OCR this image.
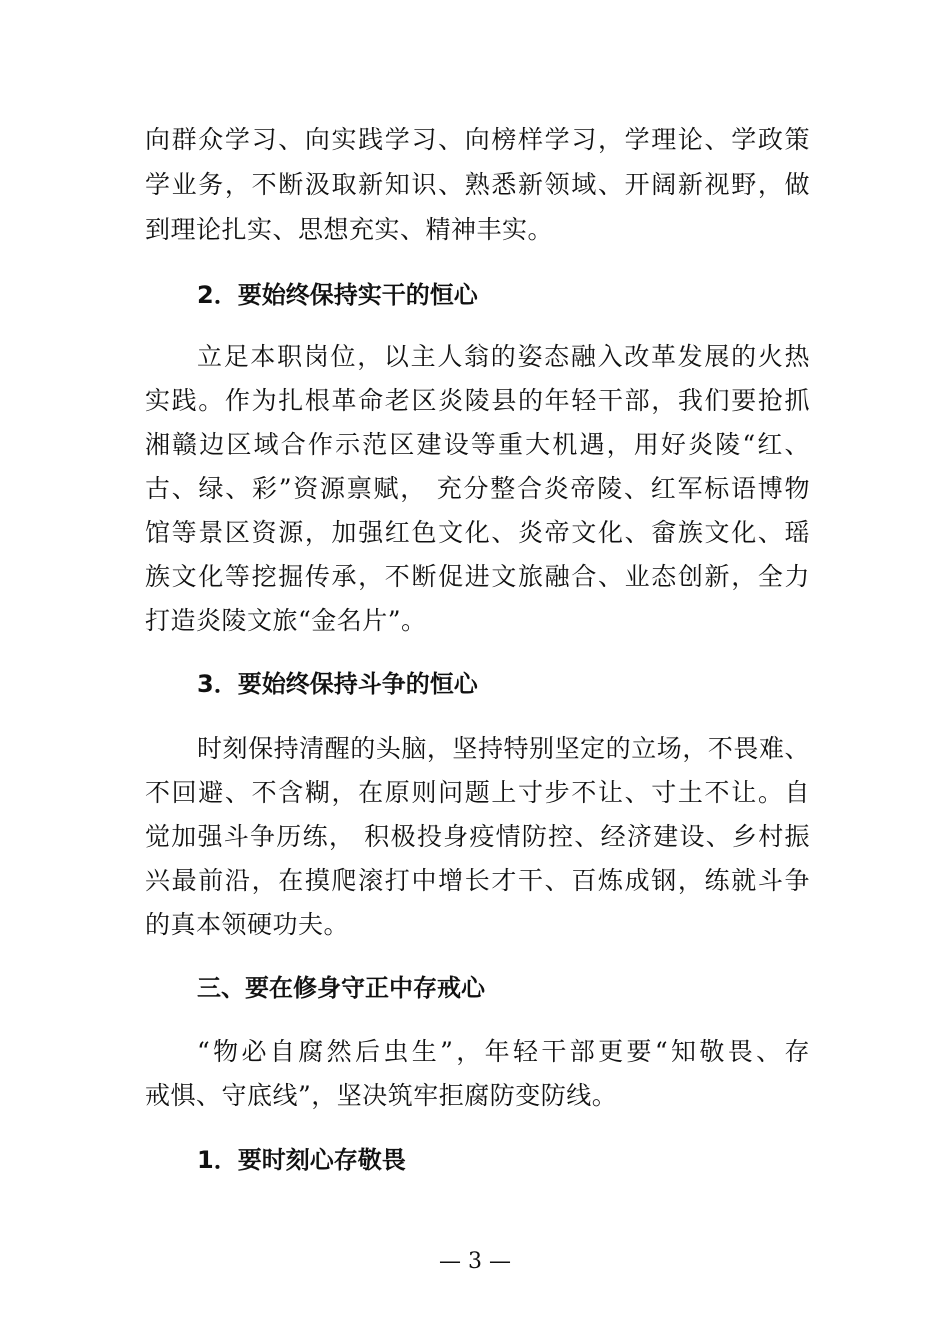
向群众学习、向实践学习、向榜样学习，学理论、学政策
学业务，不断汲取新知识、熟悉新领域、开阔新视野，做
到理论扎实、思想充实、精神丰实。
2．要始终保持实干的恒心
立足本职岗位，以主人翁的姿态融入改革发展的火热
实践。作为扎根革命老区炎陵县的年轻干部，我们要抢抓
湘赣边区域合作示范区建设等重大机遇，用好炎陵“红、
古、绿、彩”资源禀赋， 充分整合炎帝陵、红军标语博物
馆等景区资源，加强红色文化、炎帝文化、畲族文化、瑶
族文化等挖掘传承，不断促进文旅融合、业态创新，全力
打造炎陵文旅“金名片”。
3．要始终保持斗争的恒心
时刻保持清醒的头脑，坚持特别坚定的立场，不畏难、
不回避、不含糊，在原则问题上寸步不让、寸土不让。自
觉加强斗争历练， 积极投身疫情防控、经济建设、乡村振
兴最前沿，在摸爬滚打中增长才干、百炼成钢，练就斗争
的真本领硬功夫。
三、要在修身守正中存戒心
“物必自腐然后虫生”，年轻干部更要“知敬畏、存
戒惧、守底线”，坚决筑牢拒腐防变防线。
1．要时刻心存敬畏
— 3 —
